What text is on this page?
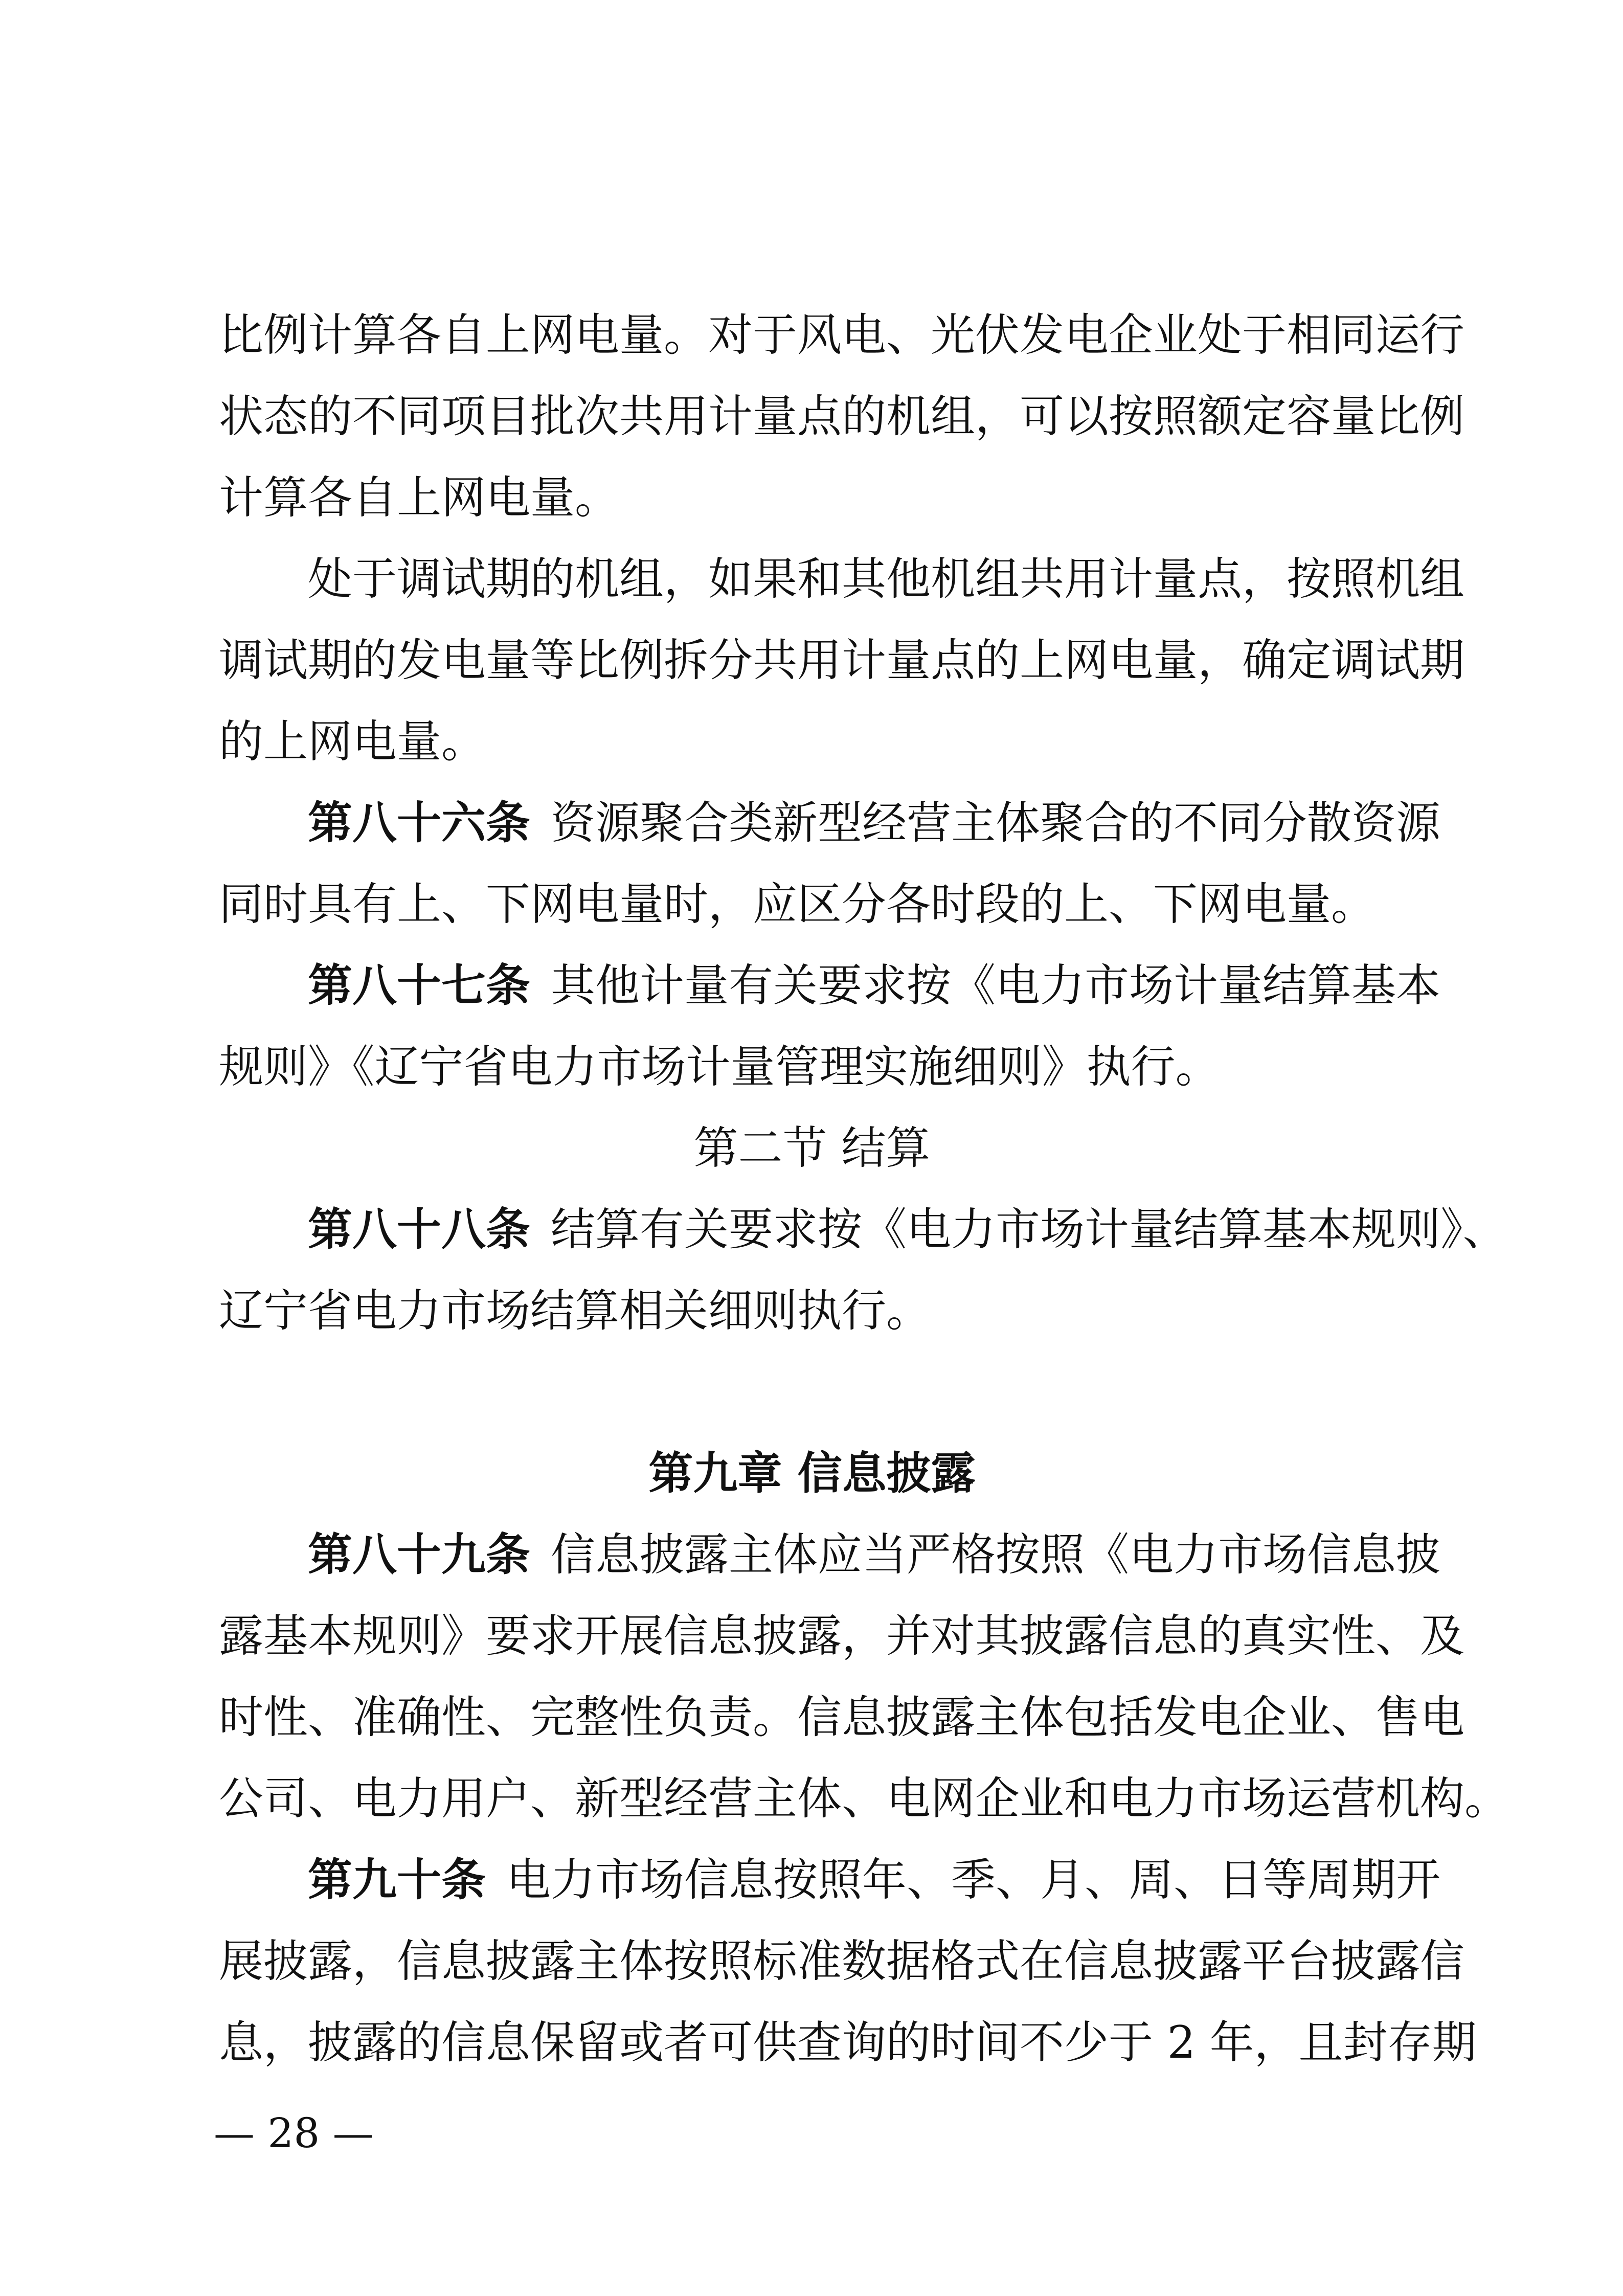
比例计算各自上网电量。对于风电、光伏发电企业处于相同运行
状态的不同项目批次共用计量点的机组，可以按照额定容量比例
计算各自上网电量。
处于调试期的机组，如果和其他机组共用计量点，按照机组
调试期的发电量等比例拆分共用计量点的上网电量，确定调试期
的上网电量。
第八十六条 资源聚合类新型经营主体聚合的不同分散资源
同时具有上、下网电量时，应区分各时段的上、下网电量。
第八十七条 其他计量有关要求按《电力市场计量结算基本
规则》《辽宁省电力市场计量管理实施细则》执行。
第二节 结算
第八十八条 结算有关要求按《电力市场计量结算基本规则》、
辽宁省电力市场结算相关细则执行。
第九章 信息披露
第八十九条 信息披露主体应当严格按照《电力市场信息披
露基本规则》要求开展信息披露，并对其披露信息的真实性、及
时性、准确性、完整性负责。信息披露主体包括发电企业、售电
公司、电力用户、新型经营主体、电网企业和电力市场运营机构。
第九十条 电力市场信息按照年、季、月、周、日等周期开
展披露，信息披露主体按照标准数据格式在信息披露平台披露信
息，披露的信息保留或者可供查询的时间不少于 2 年，且封存期
— 28 —
